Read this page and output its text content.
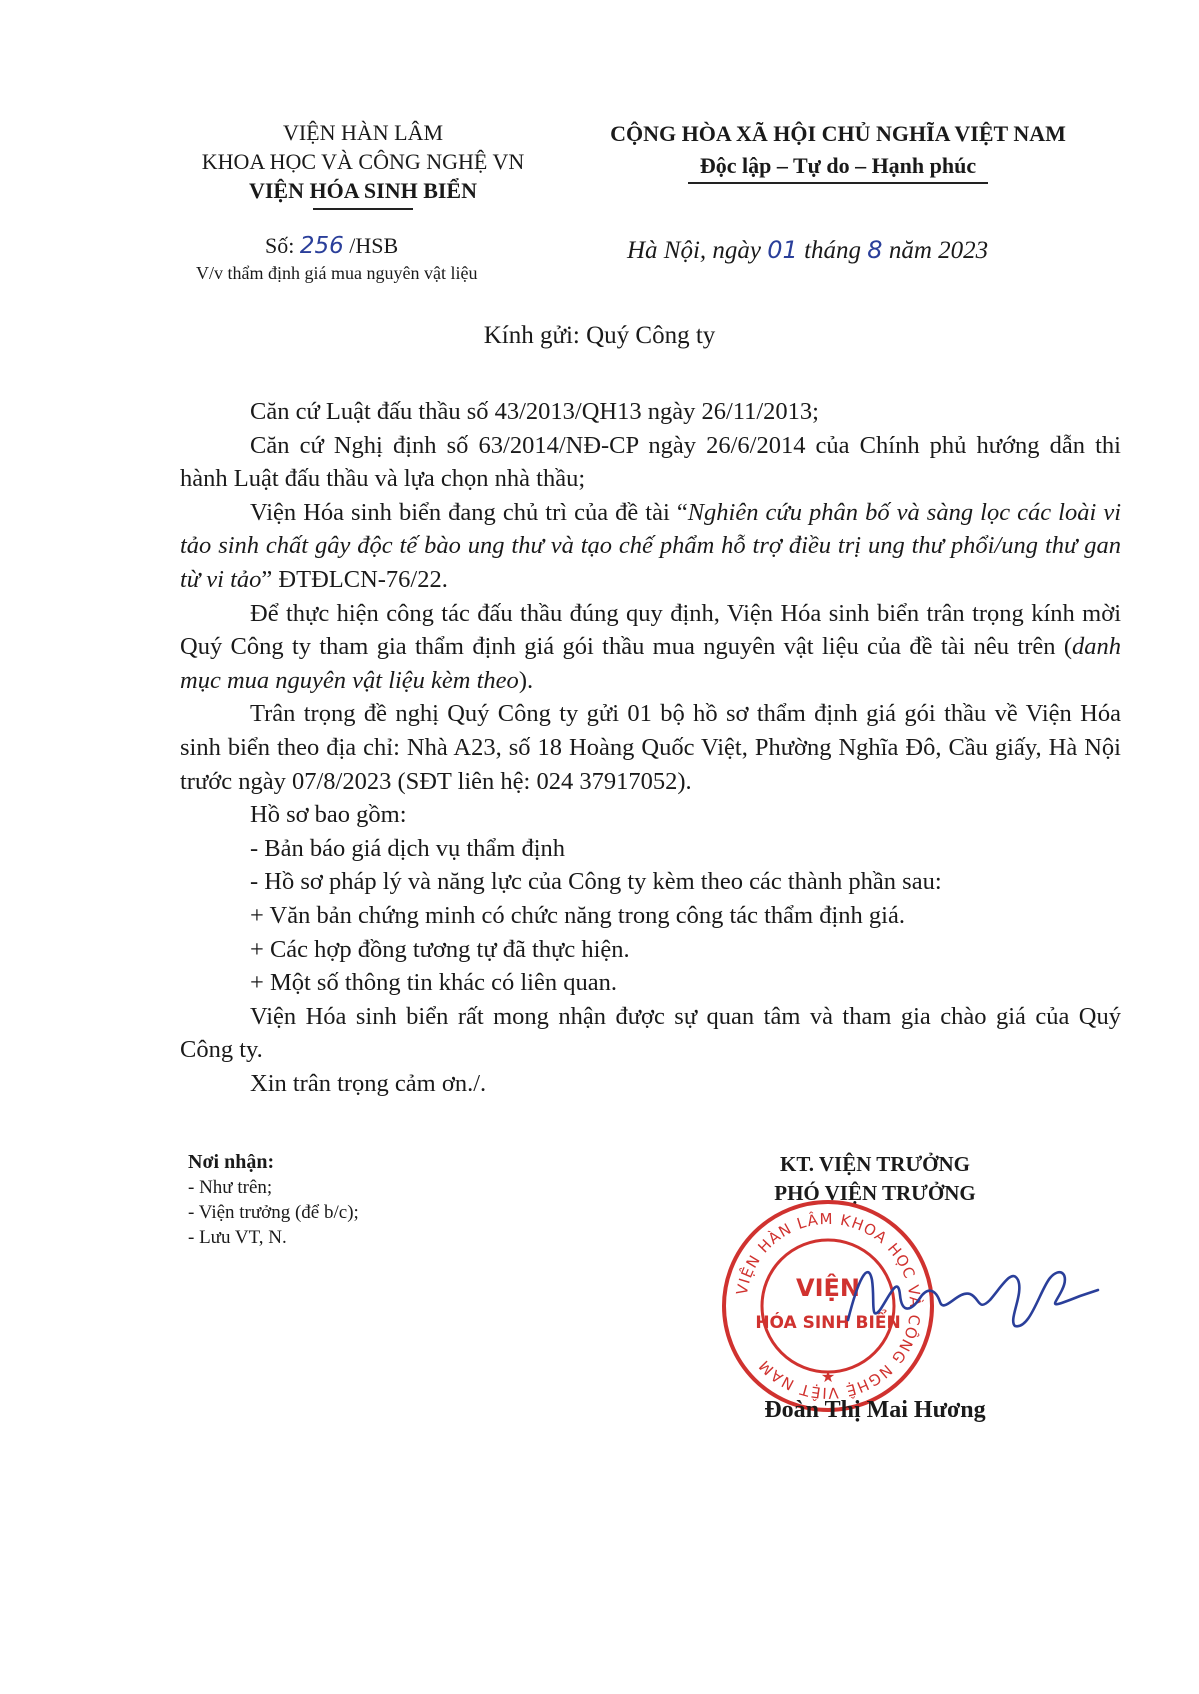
VIỆN HÀN LÂM
KHOA HỌC VÀ CÔNG NGHỆ VN
VIỆN HÓA SINH BIỂN
CỘNG HÒA XÃ HỘI CHỦ NGHĨA VIỆT NAM
Độc lập – Tự do – Hạnh phúc
Số: 256 /HSB
V/v thẩm định giá mua nguyên vật liệu
Hà Nội, ngày 01 tháng 8 năm 2023
Kính gửi: Quý Công ty

Căn cứ Luật đấu thầu số 43/2013/QH13 ngày 26/11/2013;

Căn cứ Nghị định số 63/2014/NĐ-CP ngày 26/6/2014 của Chính phủ hướng dẫn thi hành Luật đấu thầu và lựa chọn nhà thầu;

Viện Hóa sinh biển đang chủ trì của đề tài “Nghiên cứu phân bố và sàng lọc các loài vi tảo sinh chất gây độc tế bào ung thư và tạo chế phẩm hỗ trợ điều trị ung thư phổi/ung thư gan từ vi tảo” ĐTĐLCN-76/22.

Để thực hiện công tác đấu thầu đúng quy định, Viện Hóa sinh biển trân trọng kính mời Quý Công ty tham gia thẩm định giá gói thầu mua nguyên vật liệu của đề tài nêu trên (danh mục mua nguyên vật liệu kèm theo).

Trân trọng đề nghị Quý Công ty gửi 01 bộ hồ sơ thẩm định giá gói thầu về Viện Hóa sinh biển theo địa chỉ: Nhà A23, số 18 Hoàng Quốc Việt, Phường Nghĩa Đô, Cầu giấy, Hà Nội trước ngày 07/8/2023 (SĐT liên hệ: 024 37917052).

Hồ sơ bao gồm:

- Bản báo giá dịch vụ thẩm định

- Hồ sơ pháp lý và năng lực của Công ty kèm theo các thành phần sau:

+ Văn bản chứng minh có chức năng trong công tác thẩm định giá.

+ Các hợp đồng tương tự đã thực hiện.

+ Một số thông tin khác có liên quan.

Viện Hóa sinh biển rất mong nhận được sự quan tâm và tham gia chào giá của Quý Công ty.

Xin trân trọng cảm ơn./.

Nơi nhận:
- Như trên;
- Viện trưởng (để b/c);
- Lưu VT, N.
KT. VIỆN TRƯỞNG
PHÓ VIỆN TRƯỞNG
VIỆN HÀN LÂM KHOA HỌC VÀ CÔNG NGHỆ VIỆT NAM
VIỆN
HÓA SINH BIỂN
★
Đoàn Thị Mai Hương
